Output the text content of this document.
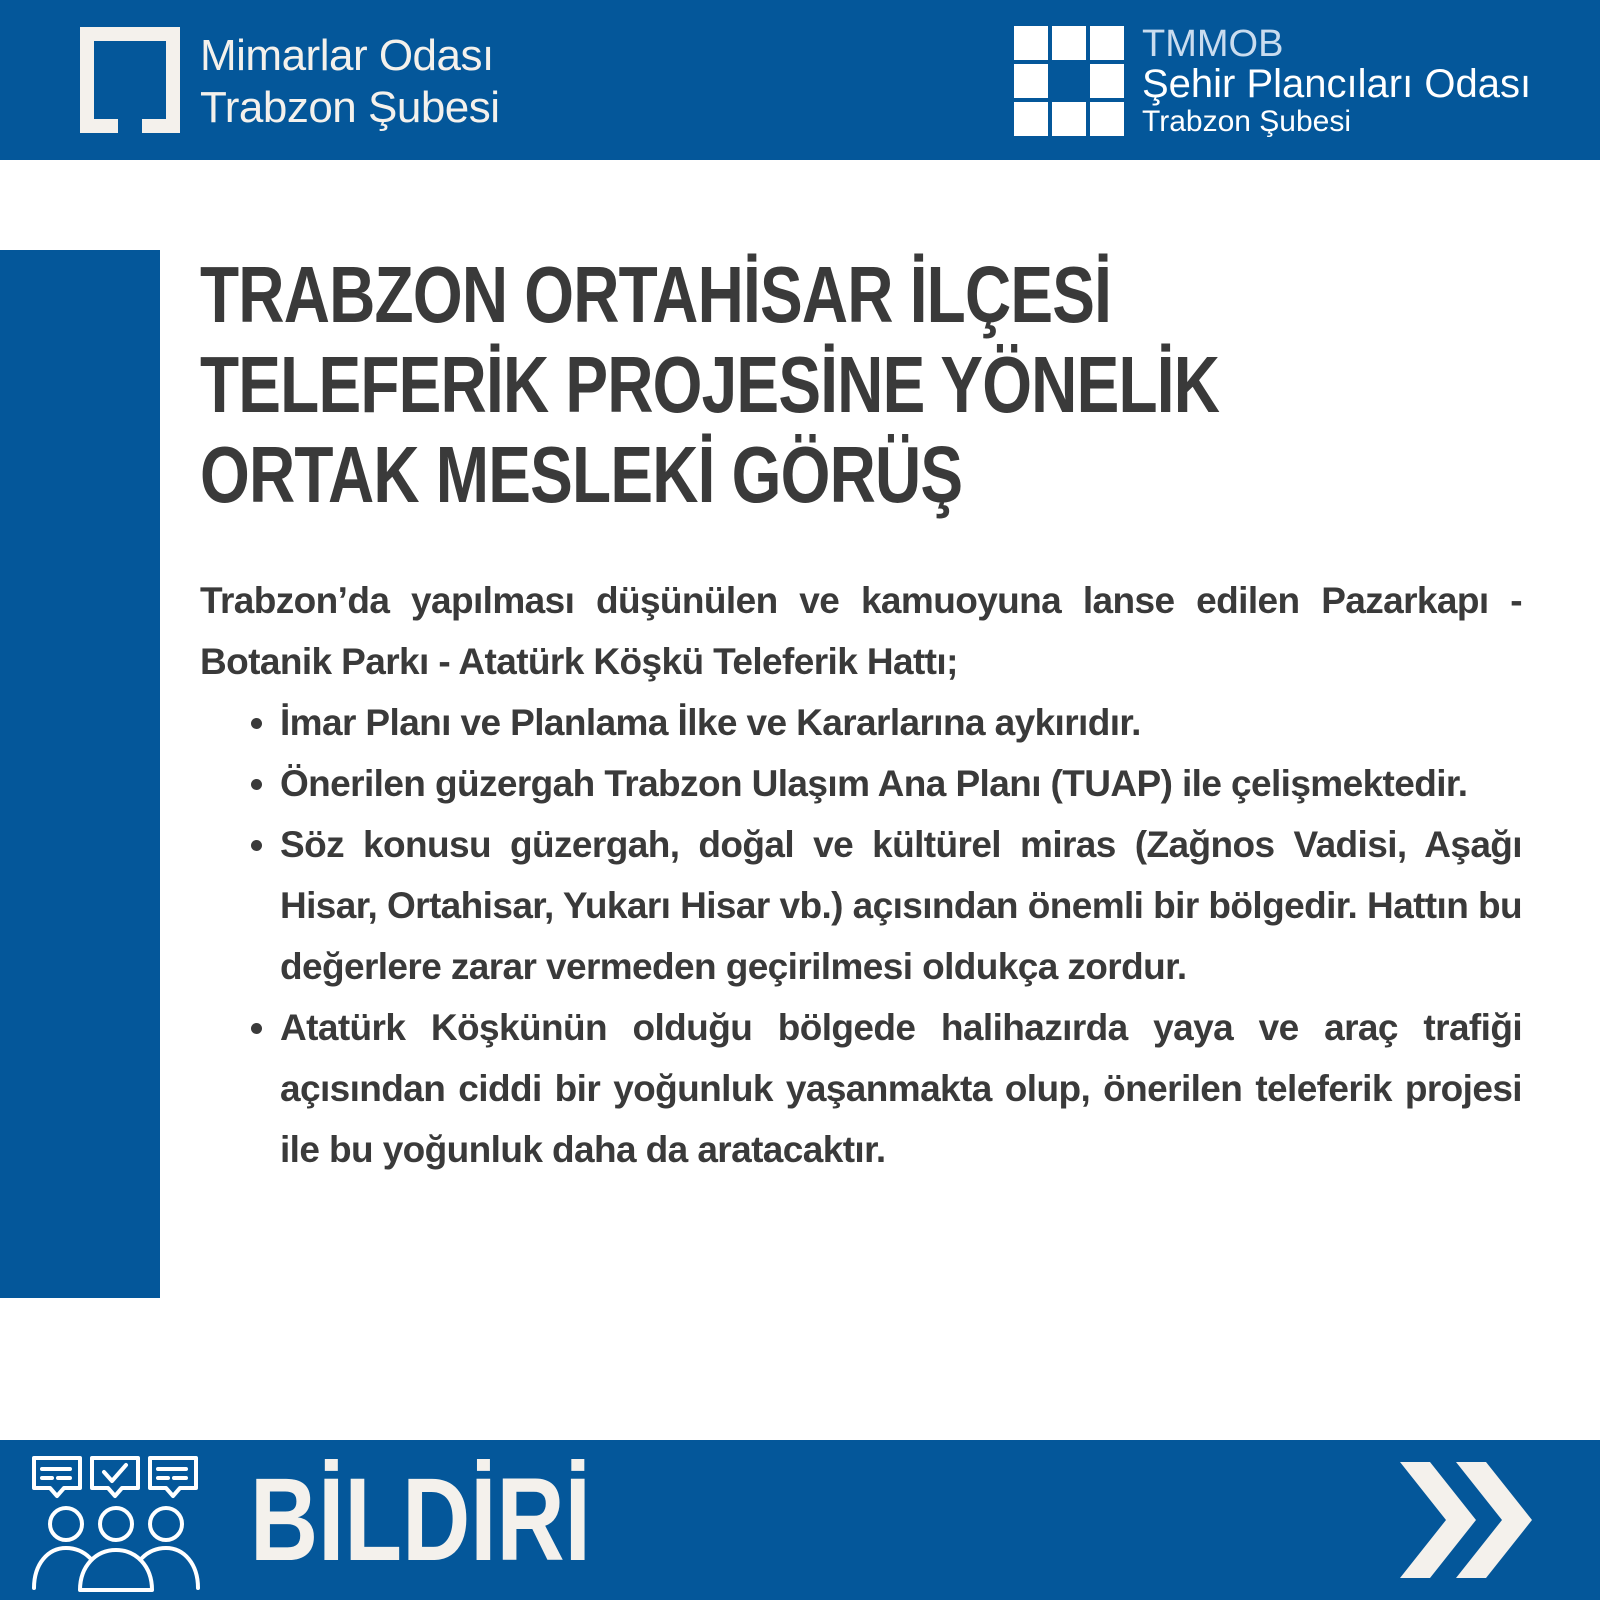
Mimarlar Odası
Trabzon Şubesi
TMMOB
Şehir Plancıları Odası
Trabzon Şubesi
TRABZON ORTAHİSAR İLÇESİ
TELEFERİK PROJESİNE YÖNELİK
ORTAK MESLEKİ GÖRÜŞ

Trabzon’da yapılması düşünülen ve kamuoyuna lanse edilen Pazarkapı - Botanik Parkı - Atatürk Köşkü Teleferik Hattı;

• İmar Planı ve Planlama İlke ve Kararlarına aykırıdır.
• Önerilen güzergah Trabzon Ulaşım Ana Planı (TUAP) ile çelişmektedir.
• Söz konusu güzergah, doğal ve kültürel miras (Zağnos Vadisi, Aşağı Hisar, Ortahisar, Yukarı Hisar vb.) açısından önemli bir bölgedir. Hattın bu değerlere zarar vermeden geçirilmesi oldukça zordur.
• Atatürk Köşkünün olduğu bölgede halihazırda yaya ve araç trafiği açısından ciddi bir yoğunluk yaşanmakta olup, önerilen teleferik projesi ile bu yoğunluk daha da aratacaktır.
BİLDİRİ
